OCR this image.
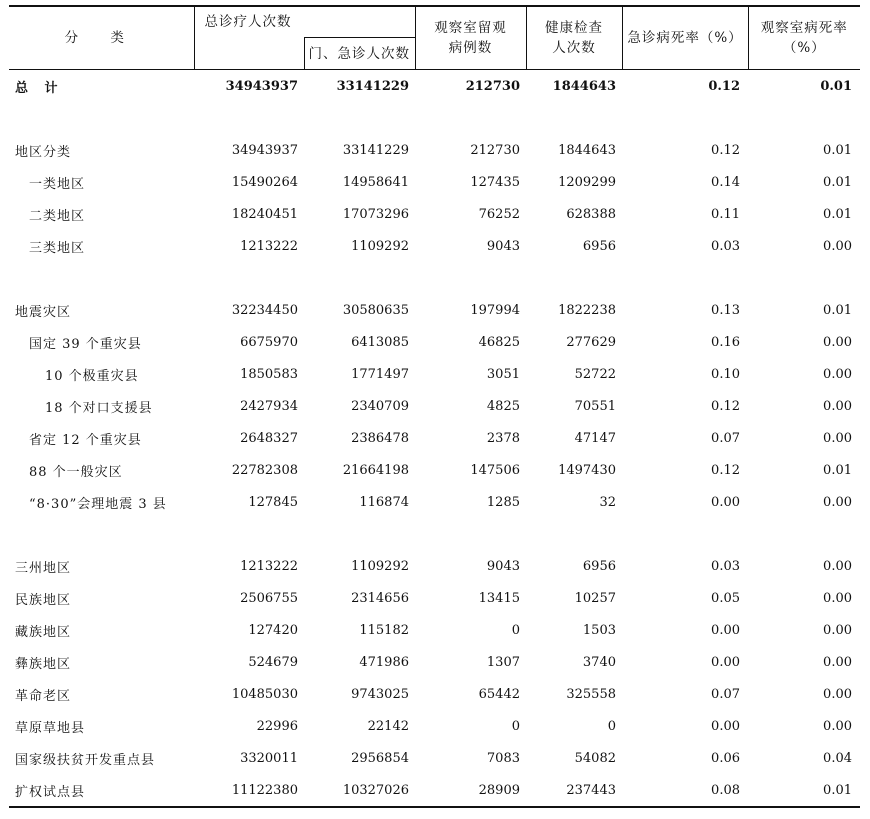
分 类	总诊疗人次数		观察室留观病例数	健康检查人次数	急诊病死率（%）	观察室病死率（%）
		门、急诊人次数				
总 计	34943937	33141229	212730	1844643	0.12	0.01

地区分类	34943937	33141229	212730	1844643	0.12	0.01
一类地区	15490264	14958641	127435	1209299	0.14	0.01
二类地区	18240451	17073296	76252	628388	0.11	0.01
三类地区	1213222	1109292	9043	6956	0.03	0.00

地震灾区	32234450	30580635	197994	1822238	0.13	0.01
国定 39 个重灾县	6675970	6413085	46825	277629	0.16	0.00
10 个极重灾县	1850583	1771497	3051	52722	0.10	0.00
18 个对口支援县	2427934	2340709	4825	70551	0.12	0.00
省定 12 个重灾县	2648327	2386478	2378	47147	0.07	0.00
88 个一般灾区	22782308	21664198	147506	1497430	0.12	0.01
“8·30”会理地震 3 县	127845	116874	1285	32	0.00	0.00

三州地区	1213222	1109292	9043	6956	0.03	0.00
民族地区	2506755	2314656	13415	10257	0.05	0.00
藏族地区	127420	115182	0	1503	0.00	0.00
彝族地区	524679	471986	1307	3740	0.00	0.00
革命老区	10485030	9743025	65442	325558	0.07	0.00
草原草地县	22996	22142	0	0	0.00	0.00
国家级扶贫开发重点县	3320011	2956854	7083	54082	0.06	0.04
扩权试点县	11122380	10327026	28909	237443	0.08	0.01
